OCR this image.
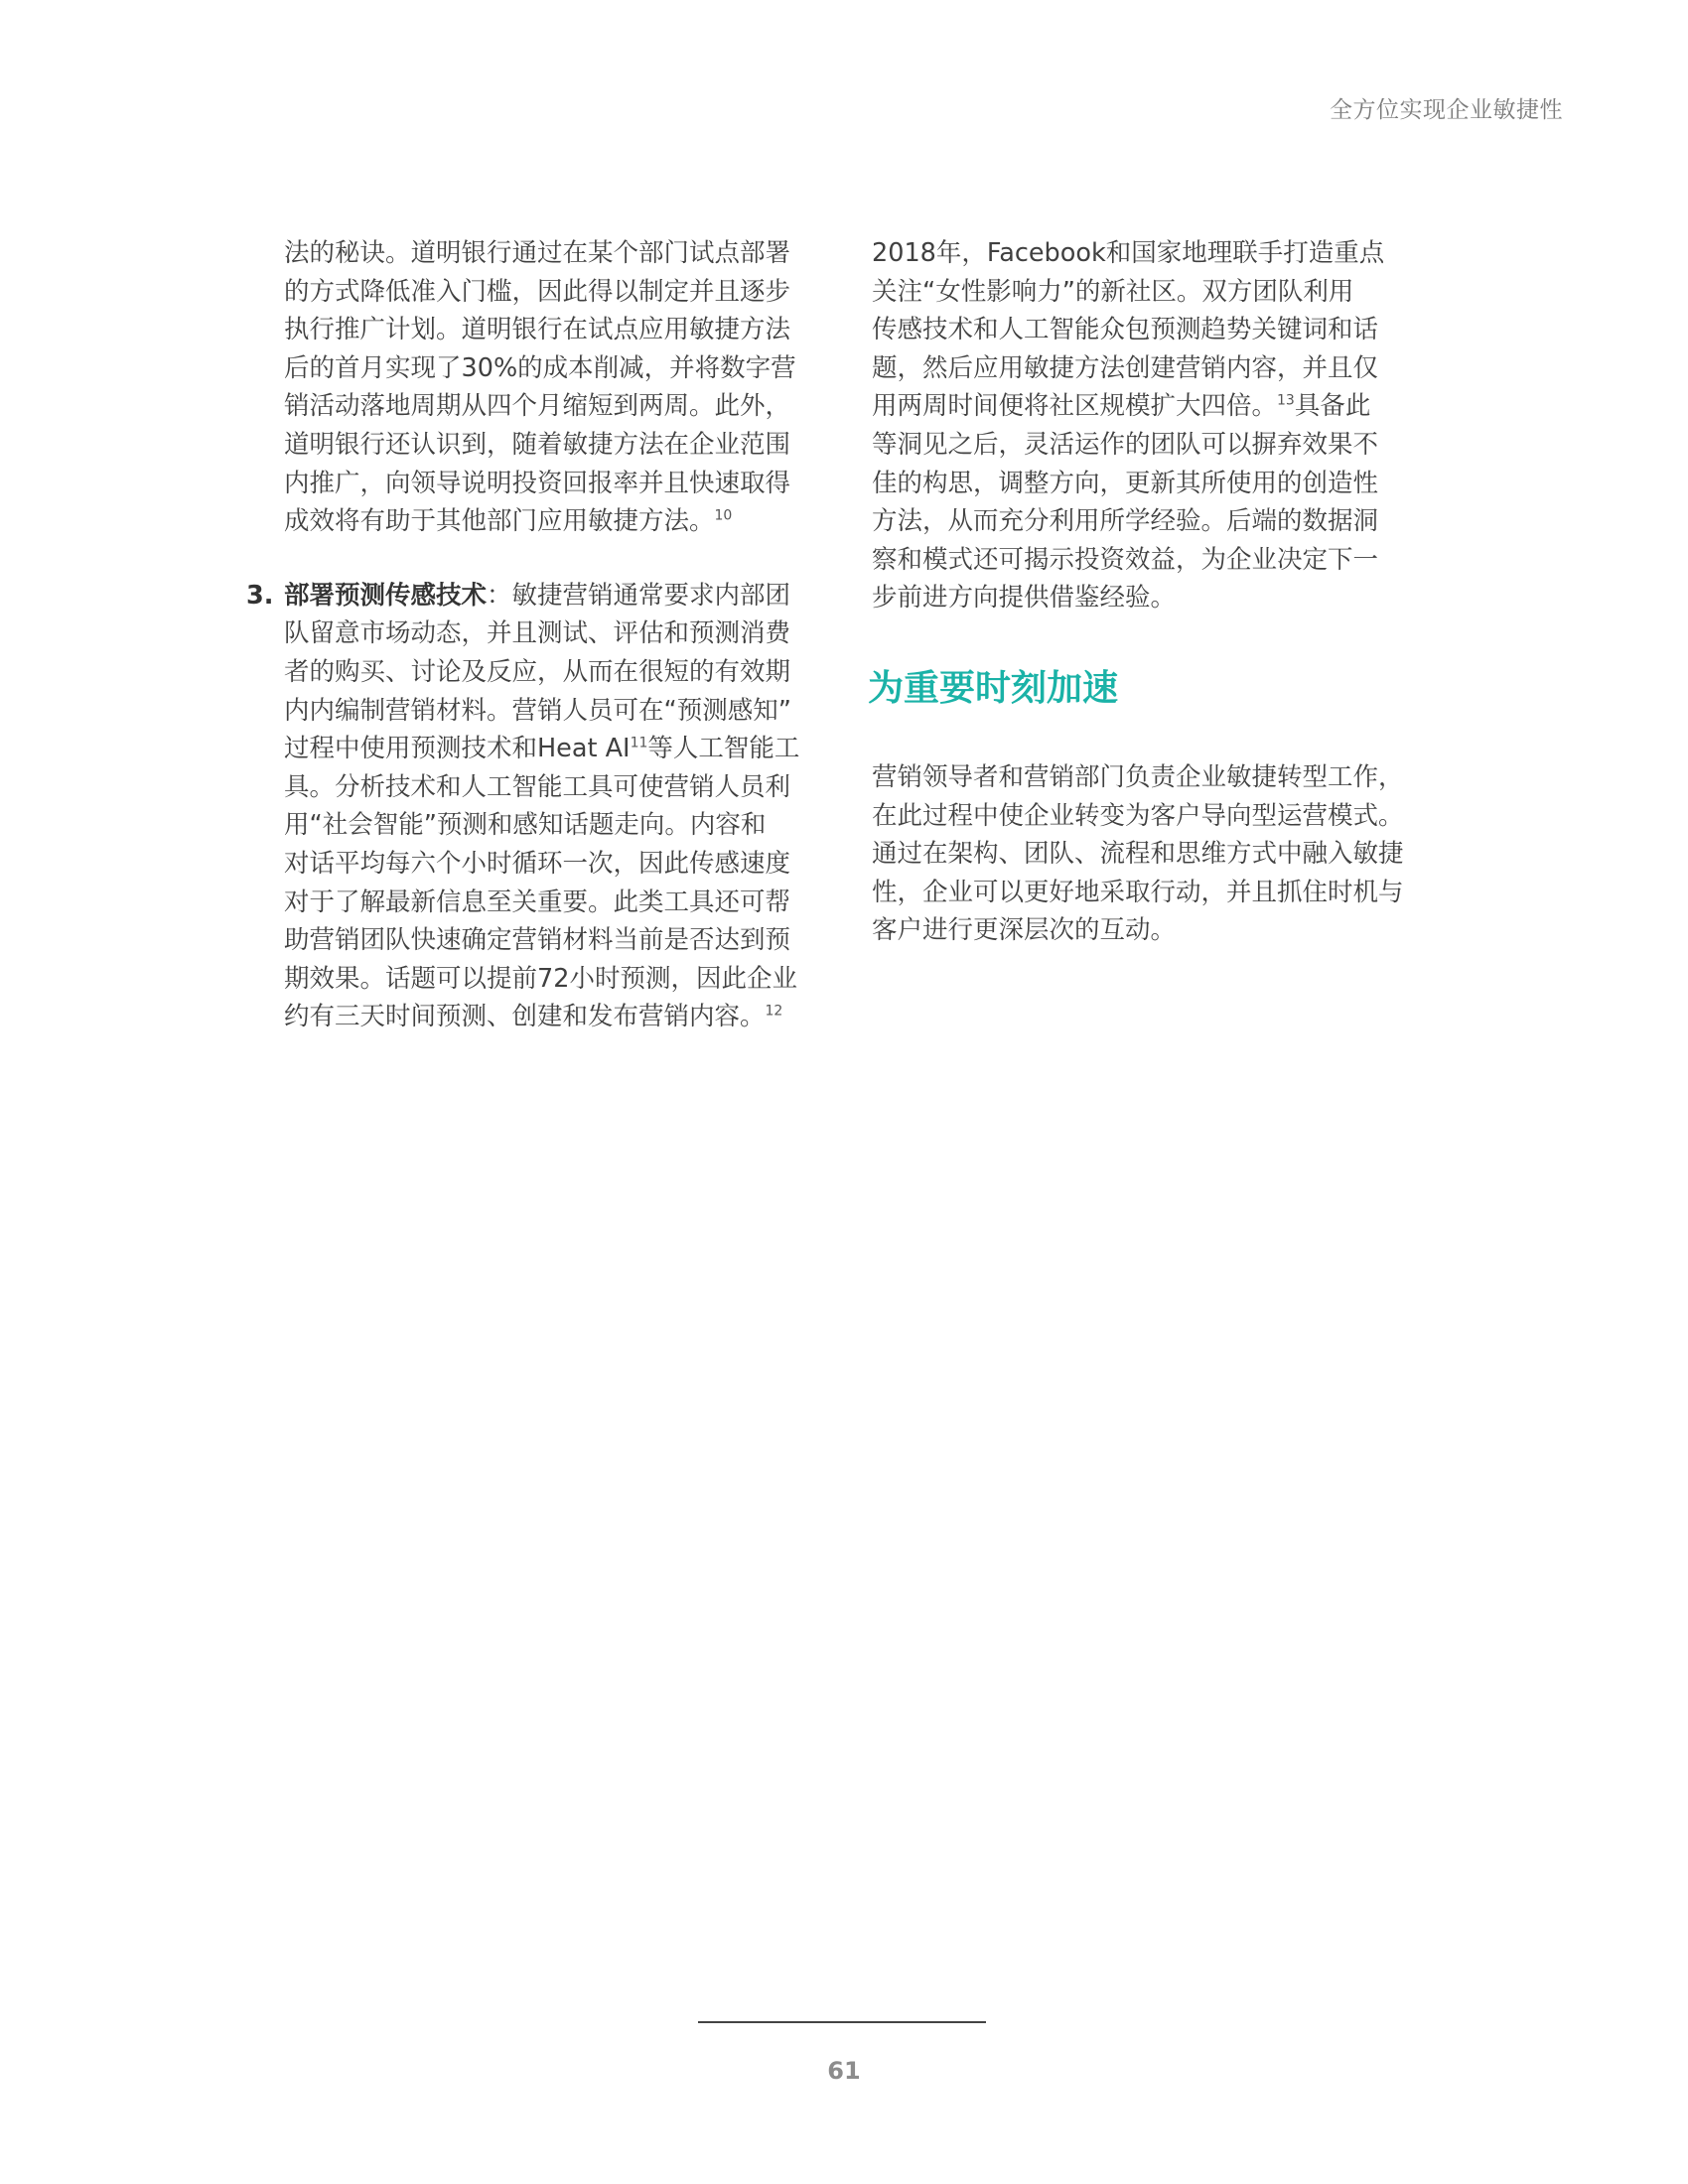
全方位实现企业敏捷性

法的秘诀。道明银行通过在某个部门试点部署
的方式降低准入门槛，因此得以制定并且逐步
执行推广计划。道明银行在试点应用敏捷方法
后的首月实现了30%的成本削减，并将数字营
销活动落地周期从四个月缩短到两周。此外，
道明银行还认识到，随着敏捷方法在企业范围
内推广，向领导说明投资回报率并且快速取得
成效将有助于其他部门应用敏捷方法。$^{10}$

3. 部署预测传感技术：敏捷营销通常要求内部团
队留意市场动态，并且测试、评估和预测消费
者的购买、讨论及反应，从而在很短的有效期
内内编制营销材料。营销人员可在“预测感知”
过程中使用预测技术和Heat AI$^{11}$等人工智能工
具。分析技术和人工智能工具可使营销人员利
用“社会智能”预测和感知话题走向。内容和
对话平均每六个小时循环一次，因此传感速度
对于了解最新信息至关重要。此类工具还可帮
助营销团队快速确定营销材料当前是否达到预
期效果。话题可以提前72小时预测，因此企业
约有三天时间预测、创建和发布营销内容。$^{12}$

2018年，Facebook和国家地理联手打造重点
关注“女性影响力”的新社区。双方团队利用
传感技术和人工智能众包预测趋势关键词和话
题，然后应用敏捷方法创建营销内容，并且仅
用两周时间便将社区规模扩大四倍。$^{13}$具备此
等洞见之后，灵活运作的团队可以摒弃效果不
佳的构思，调整方向，更新其所使用的创造性
方法，从而充分利用所学经验。后端的数据洞
察和模式还可揭示投资效益，为企业决定下一
步前进方向提供借鉴经验。

为重要时刻加速

营销领导者和营销部门负责企业敏捷转型工作，
在此过程中使企业转变为客户导向型运营模式。
通过在架构、团队、流程和思维方式中融入敏捷
性，企业可以更好地采取行动，并且抓住时机与
客户进行更深层次的互动。

61
